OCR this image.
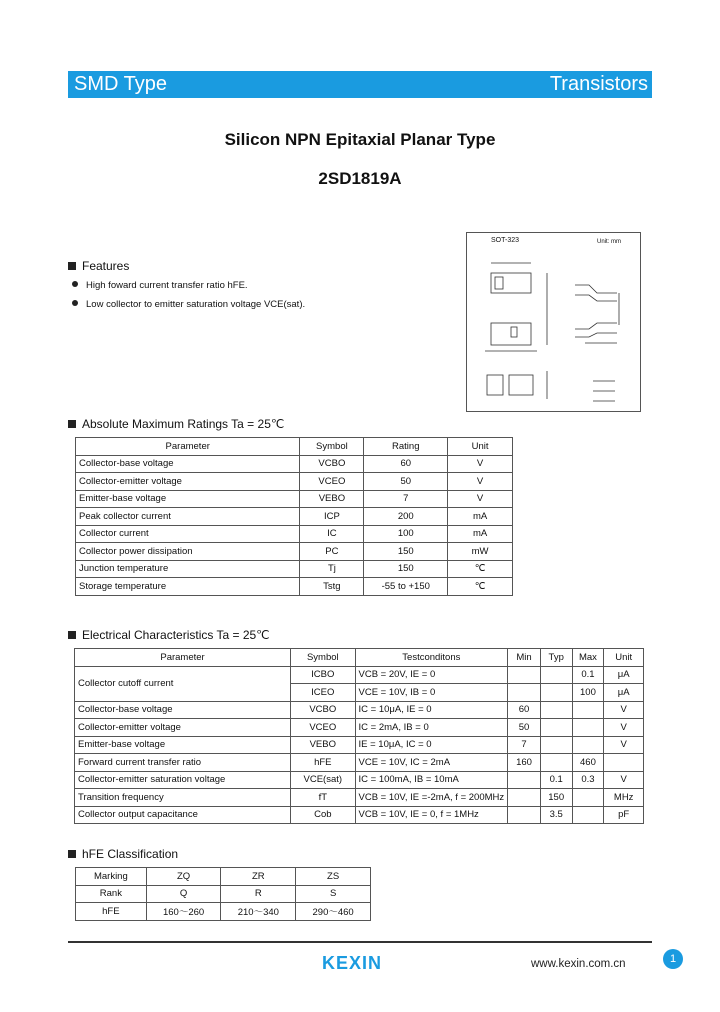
SMD Type	Transistors
Silicon NPN Epitaxial Planar Type
2SD1819A
Features
High foward current transfer ratio hFE.
Low collector to emitter saturation voltage VCE(sat).
SOT-323	Unit: mm
Absolute Maximum Ratings Ta = 25℃
Parameter	Symbol	Rating	Unit
Collector-base voltage	VCBO	60	V
Collector-emitter voltage	VCEO	50	V
Emitter-base voltage	VEBO	7	V
Peak collector current	ICP	200	mA
Collector current	IC	100	mA
Collector power dissipation	PC	150	mW
Junction temperature	Tj	150	℃
Storage temperature	Tstg	-55 to +150	℃
Electrical Characteristics Ta = 25℃
Parameter	Symbol	Testconditons	Min	Typ	Max	Unit
Collector cutoff current	ICBO	VCB = 20V, IE = 0			0.1	μA
	ICEO	VCE = 10V, IB = 0			100	μA
Collector-base voltage	VCBO	IC = 10μA, IE = 0	60			V
Collector-emitter voltage	VCEO	IC = 2mA, IB = 0	50			V
Emitter-base voltage	VEBO	IE = 10μA, IC = 0	7			V
Forward current transfer ratio	hFE	VCE = 10V, IC = 2mA	160		460	
Collector-emitter saturation voltage	VCE(sat)	IC = 100mA, IB = 10mA		0.1	0.3	V
Transition frequency	fT	VCB = 10V, IE =-2mA, f = 200MHz		150		MHz
Collector output capacitance	Cob	VCB = 10V, IE = 0, f = 1MHz		3.5		pF
hFE Classification
Marking	ZQ	ZR	ZS
Rank	Q	R	S
hFE	160～260	210～340	290～460
KEXIN	www.kexin.com.cn	1
